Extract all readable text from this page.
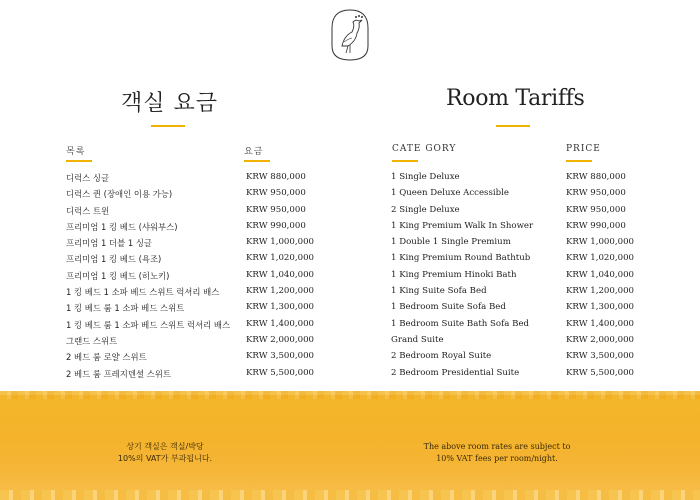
객실 요금	Room Tariffs
목록	요금	CATE GORY	PRICE
디럭스 싱글	KRW 880,000
디럭스 퀸 (장애인 이용 가능)	KRW 950,000
디럭스 트윈	KRW 950,000
프리미엄 1 킹 베드 (샤워부스)	KRW 990,000
프리미엄 1 더블 1 싱글	KRW 1,000,000
프리미엄 1 킹 베드 (욕조)	KRW 1,020,000
프리미엄 1 킹 베드 (히노키)	KRW 1,040,000
1 킹 베드 1 소파 베드 스위트 럭셔리 배스	KRW 1,200,000
1 킹 베드 룸 1 소파 베드 스위트	KRW 1,300,000
1 킹 베드 룸 1 소파 베드 스위트 럭셔리 배스 KRW 1,400,000
그랜드 스위트	KRW 2,000,000
2 베드 룸 로얄 스위트	KRW 3,500,000
2 베드 룸 프레지덴셜 스위트	KRW 5,500,000
1 Single Deluxe	KRW 880,000
1 Queen Deluxe Accessible	KRW 950,000
2 Single Deluxe	KRW 950,000
1 King Premium Walk In Shower	KRW 990,000
1 Double 1 Single Premium	KRW 1,000,000
1 King Premium Round Bathtub	KRW 1,020,000
1 King Premium Hinoki Bath	KRW 1,040,000
1 King Suite Sofa Bed	KRW 1,200,000
1 Bedroom Suite Sofa Bed	KRW 1,300,000
1 Bedroom Suite Bath Sofa Bed	KRW 1,400,000
Grand Suite	KRW 2,000,000
2 Bedroom Royal Suite	KRW 3,500,000
2 Bedroom Presidential Suite	KRW 5,500,000
상기 객실은 객실/박당
10%의 VAT가 부과됩니다.
The above room rates are subject to
10% VAT fees per room/night.
